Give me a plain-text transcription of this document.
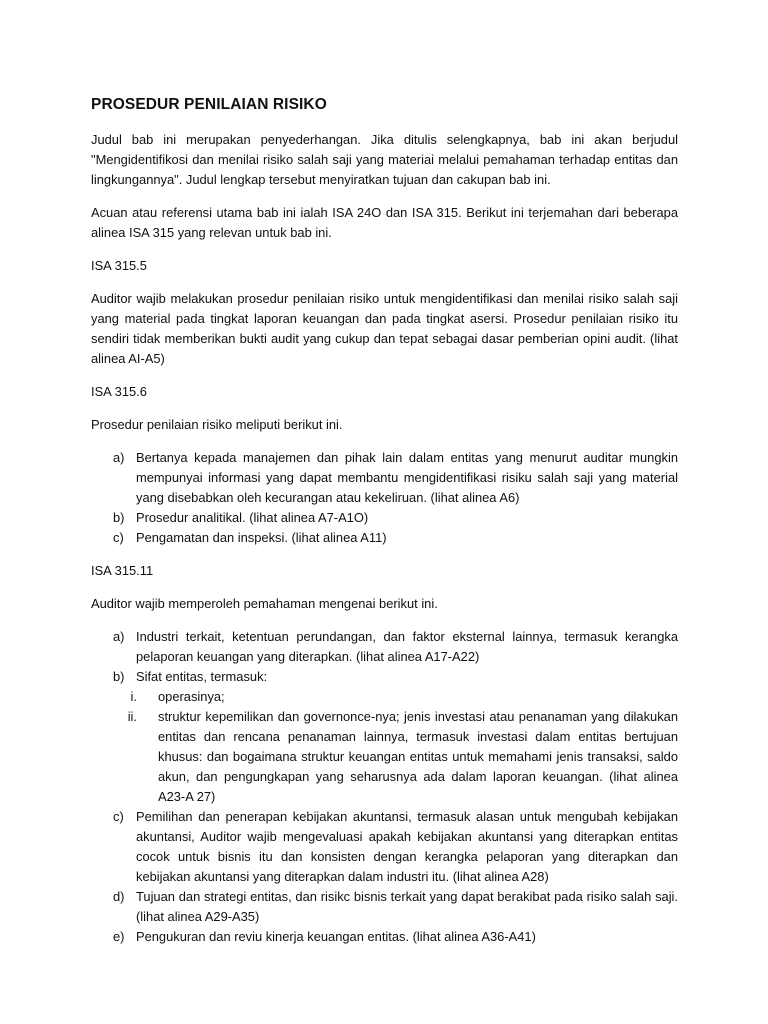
PROSEDUR PENILAIAN RISIKO

Judul bab ini merupakan penyederhangan. Jika ditulis selengkapnya, bab ini akan berjudul "Mengidentifikosi dan menilai risiko salah saji yang materiai melalui pemahaman terhadap entitas dan lingkungannya". Judul lengkap tersebut menyiratkan tujuan dan cakupan bab ini.

Acuan atau referensi utama bab ini ialah ISA 24O dan ISA 315. Berikut ini terjemahan dari beberapa alinea ISA 315 yang relevan untuk bab ini.

ISA 315.5

Auditor wajib melakukan prosedur penilaian risiko untuk mengidentifikasi dan menilai risiko salah saji yang material pada tingkat laporan keuangan dan pada tingkat asersi. Prosedur penilaian risiko itu sendiri tidak memberikan bukti audit yang cukup dan tepat sebagai dasar pemberian opini audit. (lihat alinea AI-A5)

ISA 315.6

Prosedur penilaian risiko meliputi berikut ini.

a) Bertanya kepada manajemen dan pihak lain dalam entitas yang menurut auditar mungkin mempunyai informasi yang dapat membantu mengidentifikasi risiku salah saji yang material yang disebabkan oleh kecurangan atau kekeliruan. (lihat alinea A6)
b) Prosedur analitikal. (lihat alinea A7-A1O)
c) Pengamatan dan inspeksi. (lihat alinea A11)
ISA 315.11

Auditor wajib memperoleh pemahaman mengenai berikut ini.

a) Industri terkait, ketentuan perundangan, dan faktor eksternal lainnya, termasuk kerangka pelaporan keuangan yang diterapkan. (lihat alinea A17-A22)
b) Sifat entitas, termasuk:
i. operasinya;
ii. struktur kepemilikan dan governonce-nya; jenis investasi atau penanaman yang dilakukan entitas dan rencana penanaman lainnya, termasuk investasi dalam entitas bertujuan khusus: dan bogaimana struktur keuangan entitas untuk memahami jenis transaksi, saldo akun, dan pengungkapan yang seharusnya ada dalam laporan keuangan. (lihat alinea A23-A 27)
c) Pemilihan dan penerapan kebijakan akuntansi, termasuk alasan untuk mengubah kebijakan akuntansi, Auditor wajib mengevaluasi apakah kebijakan akuntansi yang diterapkan entitas cocok untuk bisnis itu dan konsisten dengan kerangka pelaporan yang diterapkan dan kebijakan akuntansi yang diterapkan dalam industri itu. (lihat alinea A28)
d) Tujuan dan strategi entitas, dan risikc bisnis terkait yang dapat berakibat pada risiko salah saji. (lihat alinea A29-A35)
e) Pengukuran dan reviu kinerja keuangan entitas. (lihat alinea A36-A41)
